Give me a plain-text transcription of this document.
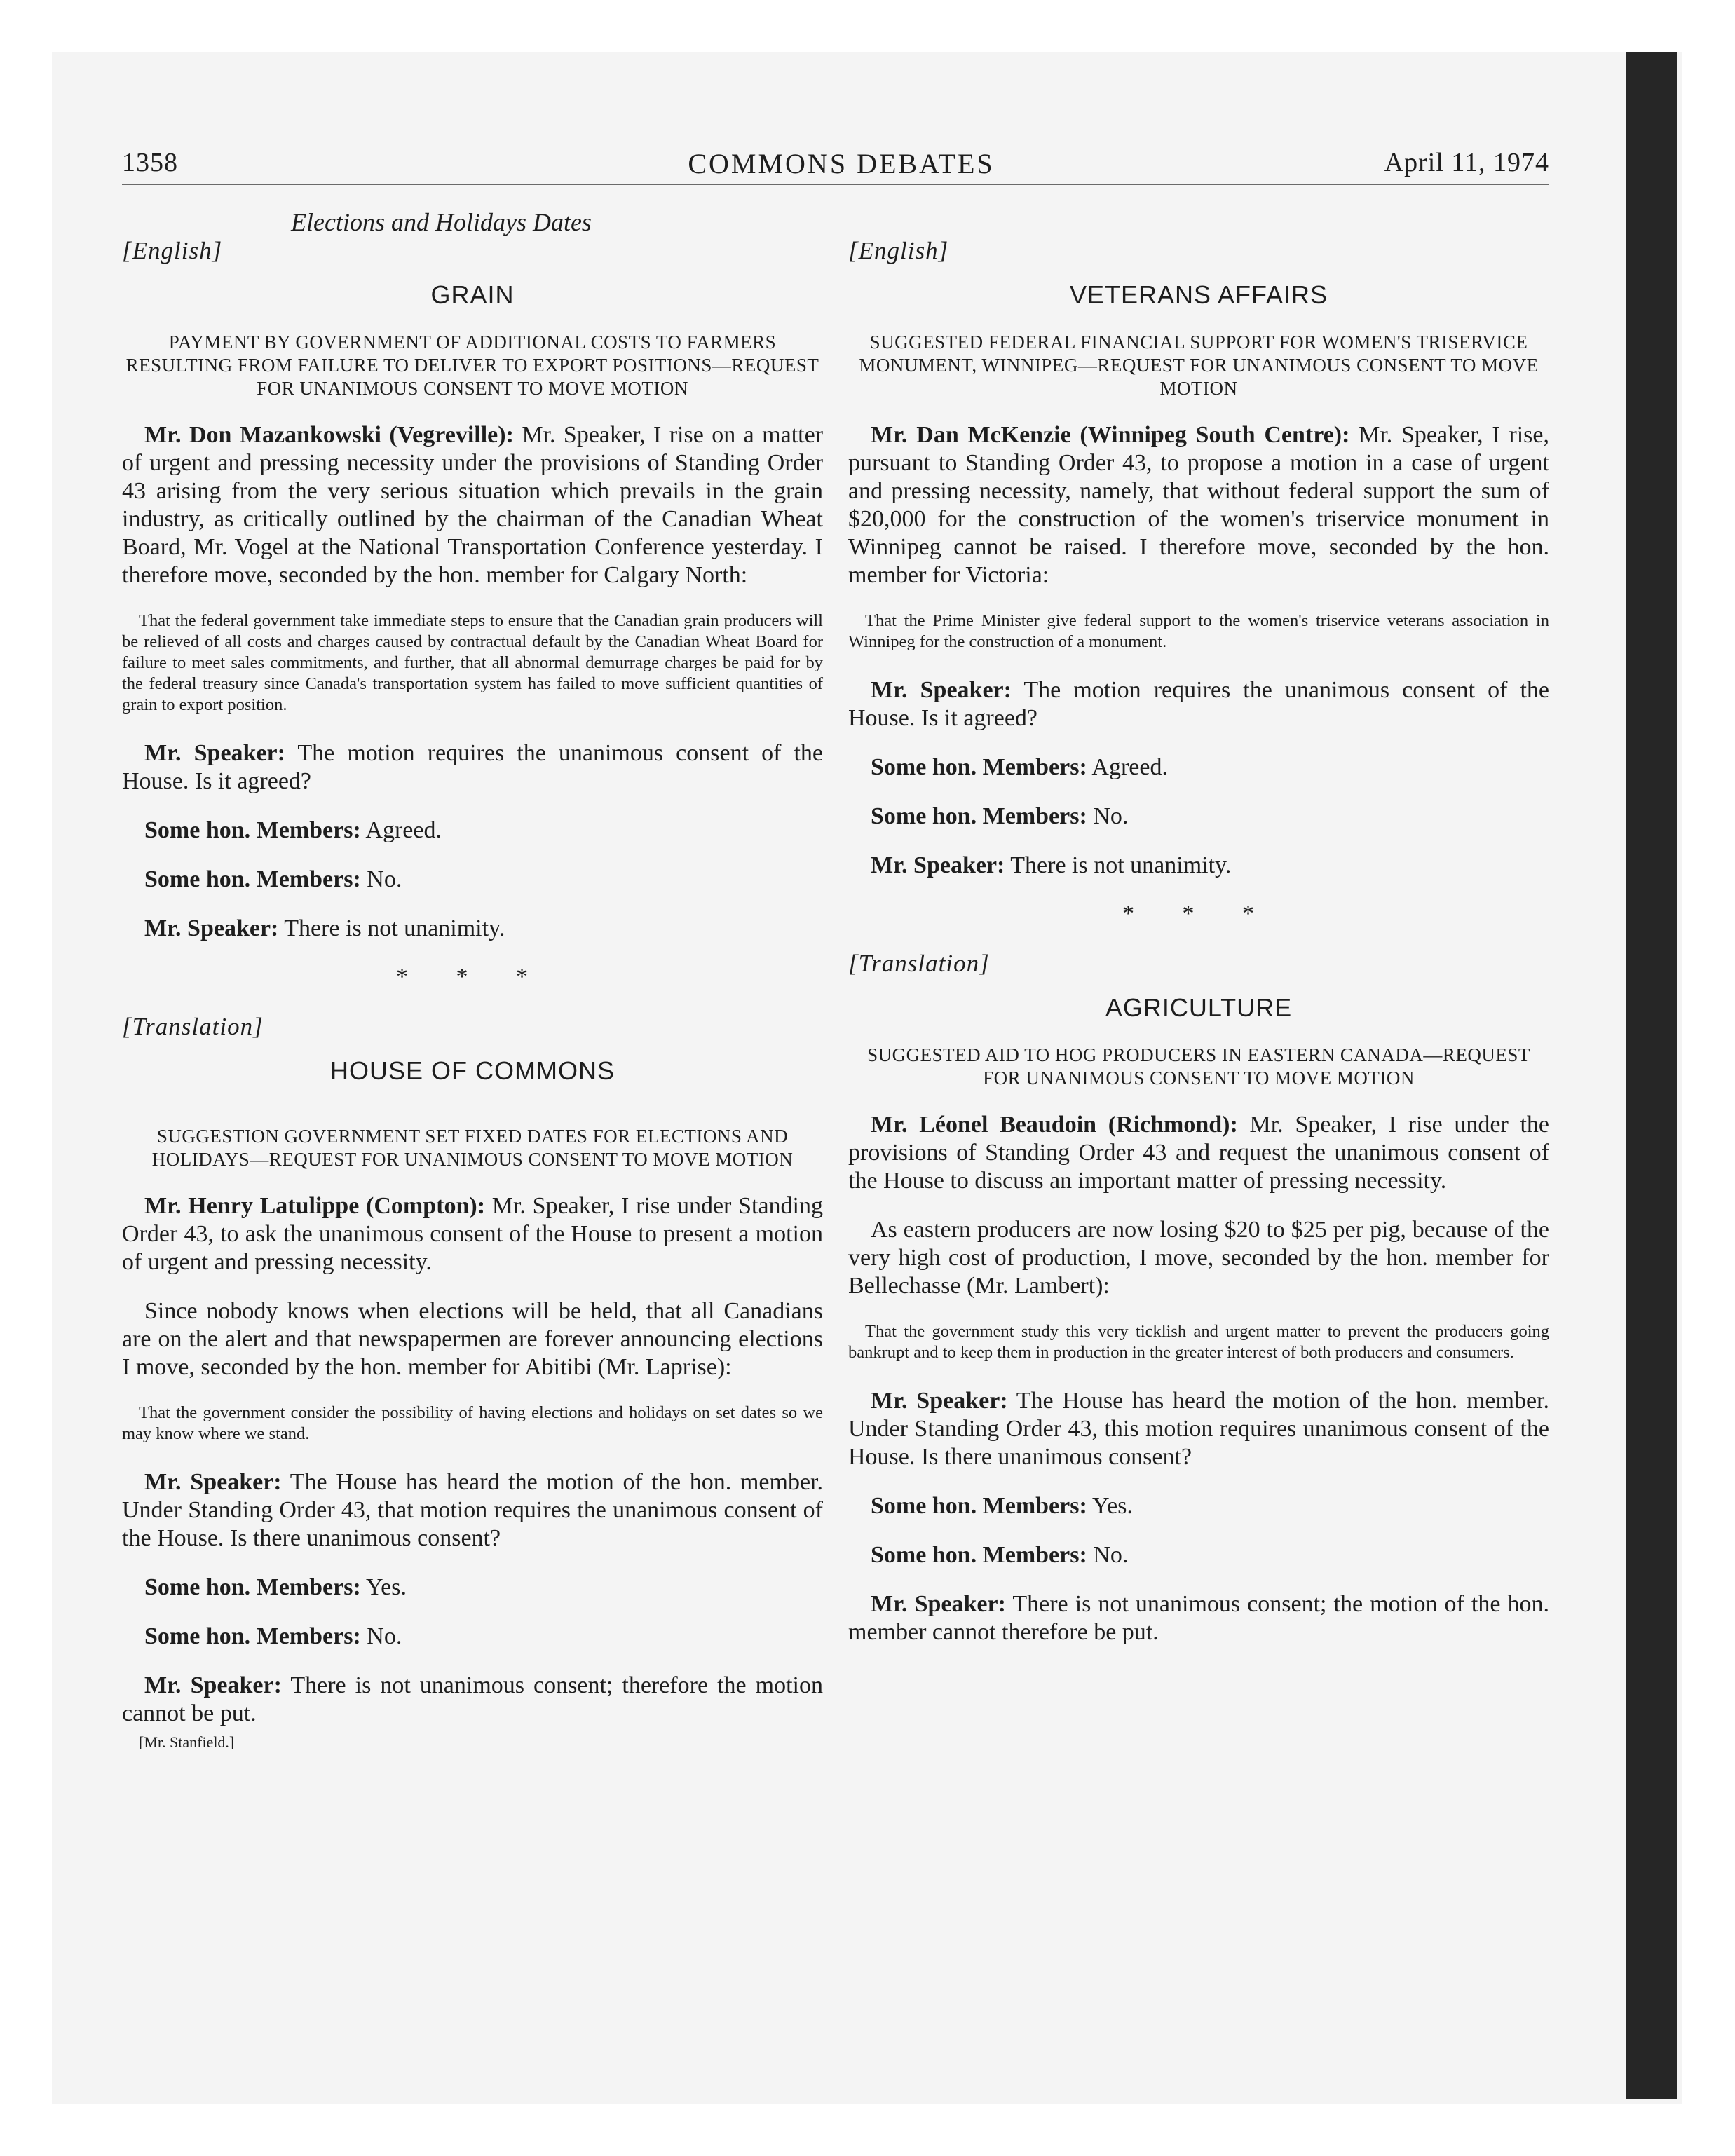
1358	COMMONS DEBATES	April 11, 1974
Elections and Holidays Dates
[English]
GRAIN
PAYMENT BY GOVERNMENT OF ADDITIONAL COSTS TO FARMERS RESULTING FROM FAILURE TO DELIVER TO EXPORT POSITIONS—REQUEST FOR UNANIMOUS CONSENT TO MOVE MOTION

Mr. Don Mazankowski (Vegreville): Mr. Speaker, I rise on a matter of urgent and pressing necessity under the provisions of Standing Order 43 arising from the very serious situation which prevails in the grain industry, as critically outlined by the chairman of the Canadian Wheat Board, Mr. Vogel at the National Transportation Conference yesterday. I therefore move, seconded by the hon. member for Calgary North:

That the federal government take immediate steps to ensure that the Canadian grain producers will be relieved of all costs and charges caused by contractual default by the Canadian Wheat Board for failure to meet sales commitments, and further, that all abnormal demurrage charges be paid for by the federal treasury since Canada's transportation system has failed to move sufficient quantities of grain to export position.

Mr. Speaker: The motion requires the unanimous consent of the House. Is it agreed?

Some hon. Members: Agreed.

Some hon. Members: No.

Mr. Speaker: There is not unanimity.

* * *
[Translation]
HOUSE OF COMMONS
SUGGESTION GOVERNMENT SET FIXED DATES FOR ELECTIONS AND HOLIDAYS—REQUEST FOR UNANIMOUS CONSENT TO MOVE MOTION

Mr. Henry Latulippe (Compton): Mr. Speaker, I rise under Standing Order 43, to ask the unanimous consent of the House to present a motion of urgent and pressing necessity.

Since nobody knows when elections will be held, that all Canadians are on the alert and that newspapermen are forever announcing elections I move, seconded by the hon. member for Abitibi (Mr. Laprise):

That the government consider the possibility of having elections and holidays on set dates so we may know where we stand.

Mr. Speaker: The House has heard the motion of the hon. member. Under Standing Order 43, that motion requires the unanimous consent of the House. Is there unanimous consent?

Some hon. Members: Yes.

Some hon. Members: No.

Mr. Speaker: There is not unanimous consent; therefore the motion cannot be put.

[Mr. Stanfield.]
[English]
VETERANS AFFAIRS
SUGGESTED FEDERAL FINANCIAL SUPPORT FOR WOMEN'S TRISERVICE MONUMENT, WINNIPEG—REQUEST FOR UNANIMOUS CONSENT TO MOVE MOTION

Mr. Dan McKenzie (Winnipeg South Centre): Mr. Speaker, I rise, pursuant to Standing Order 43, to propose a motion in a case of urgent and pressing necessity, namely, that without federal support the sum of $20,000 for the construction of the women's triservice monument in Winnipeg cannot be raised. I therefore move, seconded by the hon. member for Victoria:

That the Prime Minister give federal support to the women's triservice veterans association in Winnipeg for the construction of a monument.

Mr. Speaker: The motion requires the unanimous consent of the House. Is it agreed?

Some hon. Members: Agreed.

Some hon. Members: No.

Mr. Speaker: There is not unanimity.

* * *
[Translation]
AGRICULTURE
SUGGESTED AID TO HOG PRODUCERS IN EASTERN CANADA—REQUEST FOR UNANIMOUS CONSENT TO MOVE MOTION

Mr. Léonel Beaudoin (Richmond): Mr. Speaker, I rise under the provisions of Standing Order 43 and request the unanimous consent of the House to discuss an important matter of pressing necessity.

As eastern producers are now losing $20 to $25 per pig, because of the very high cost of production, I move, seconded by the hon. member for Bellechasse (Mr. Lambert):

That the government study this very ticklish and urgent matter to prevent the producers going bankrupt and to keep them in production in the greater interest of both producers and consumers.

Mr. Speaker: The House has heard the motion of the hon. member. Under Standing Order 43, this motion requires unanimous consent of the House. Is there unanimous consent?

Some hon. Members: Yes.

Some hon. Members: No.

Mr. Speaker: There is not unanimous consent; the motion of the hon. member cannot therefore be put.
